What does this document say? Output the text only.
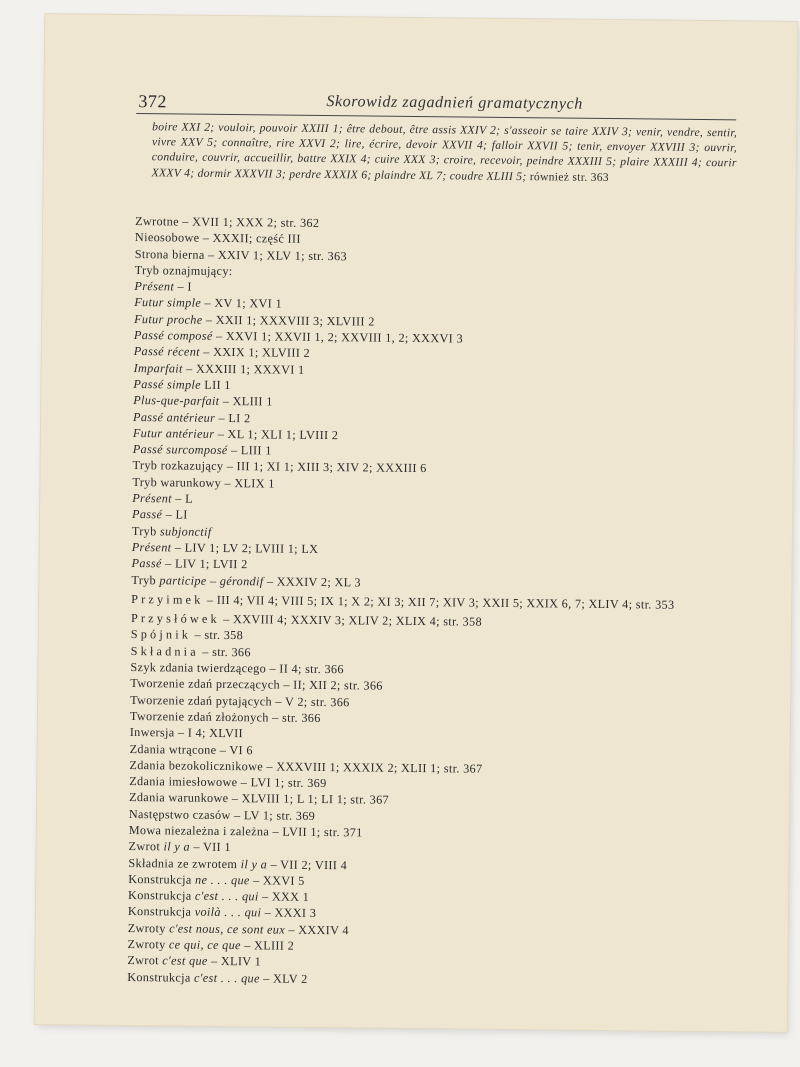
372	Skorowidz zagadnień gramatycznych
boire XXI 2; vouloir, pouvoir XXIII 1; être debout, être assis XXIV 2; s'asseoir se taire XXIV 3; venir, vendre, sentir, vivre XXV 5; connaître, rire XXVI 2; lire, écrire, devoir XXVII 4; falloir XXVII 5; tenir, envoyer XXVIII 3; ouvrir, conduire, couvrir, accueillir, battre XXIX 4; cuire XXX 3; croire, recevoir, peindre XXXIII 5; plaire XXXIII 4; courir XXXV 4; dormir XXXVII 3; perdre XXXIX 6; plaindre XL 7; coudre XLIII 5; również str. 363
Zwrotne – XVII 1; XXX 2; str. 362
Nieosobowe – XXXII; część III
Strona bierna – XXIV 1; XLV 1; str. 363
Tryb oznajmujący:
Présent – I
Futur simple – XV 1; XVI 1
Futur proche – XXII 1; XXXVIII 3; XLVIII 2
Passé composé – XXVI 1; XXVII 1, 2; XXVIII 1, 2; XXXVI 3
Passé récent – XXIX 1; XLVIII 2
Imparfait – XXXIII 1; XXXVI 1
Passé simple LII 1
Plus-que-parfait – XLIII 1
Passé antérieur – LI 2
Futur antérieur – XL 1; XLI 1; LVIII 2
Passé surcomposé – LIII 1
Tryb rozkazujący – III 1; XI 1; XIII 3; XIV 2; XXXIII 6
Tryb warunkowy – XLIX 1
Présent – L
Passé – LI
Tryb subjonctif
Présent – LIV 1; LV 2; LVIII 1; LX
Passé – LIV 1; LVII 2
Tryb participe – gérondif – XXXIV 2; XL 3
Przyimek – III 4; VII 4; VIII 5; IX 1; X 2; XI 3; XII 7; XIV 3; XXII 5; XXIX 6, 7; XLIV 4; str. 353
Przysłówek – XXVIII 4; XXXIV 3; XLIV 2; XLIX 4; str. 358
Spójnik – str. 358
Składnia – str. 366
Szyk zdania twierdzącego – II 4; str. 366
Tworzenie zdań przeczących – II; XII 2; str. 366
Tworzenie zdań pytających – V 2; str. 366
Tworzenie zdań złożonych – str. 366
Inwersja – I 4; XLVII
Zdania wtrącone – VI 6
Zdania bezokolicznikowe – XXXVIII 1; XXXIX 2; XLII 1; str. 367
Zdania imiesłowowe – LVI 1; str. 369
Zdania warunkowe – XLVIII 1; L 1; LI 1; str. 367
Następstwo czasów – LV 1; str. 369
Mowa niezależna i zależna – LVII 1; str. 371
Zwrot il y a – VII 1
Składnia ze zwrotem il y a – VII 2; VIII 4
Konstrukcja ne . . . que – XXVI 5
Konstrukcja c'est . . . qui – XXX 1
Konstrukcja voilà . . . qui – XXXI 3
Zwroty c'est nous, ce sont eux – XXXIV 4
Zwroty ce qui, ce que – XLIII 2
Zwrot c'est que – XLIV 1
Konstrukcja c'est . . . que – XLV 2
